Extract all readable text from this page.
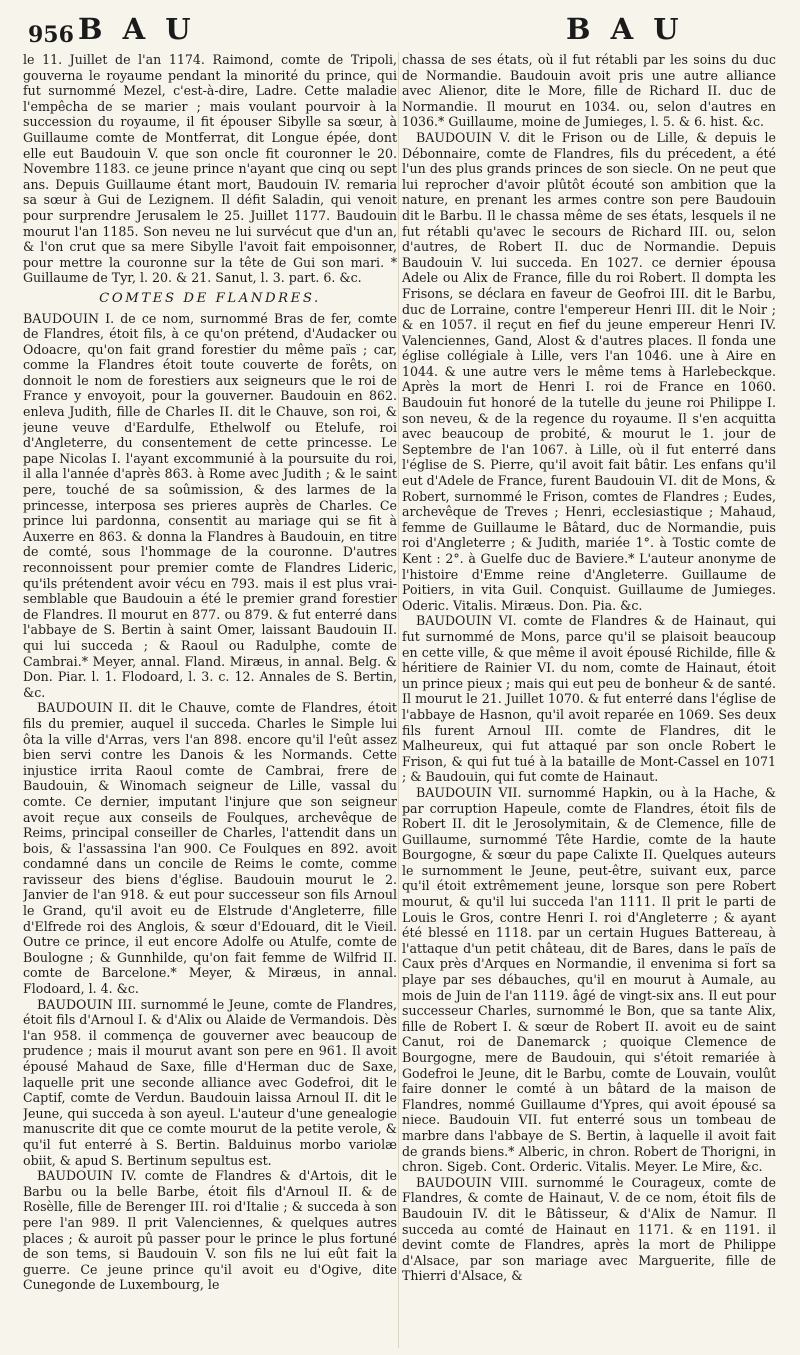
956 B A U	B A U

le 11. Juillet de l'an 1174. Raimond, comte de Tripoli, gouverna le royaume pendant la minorité du prince, qui fut surnommé Mezel, c'est-à-dire, Ladre. Cette maladie l'empêcha de se marier ; mais voulant pourvoir à la succession du royaume, il fit épouser Sibylle sa sœur, à Guillaume comte de Montferrat, dit Longue épée, dont elle eut Baudouin V. que son oncle fit couronner le 20. Novembre 1183. ce jeune prince n'ayant que cinq ou sept ans. Depuis Guillaume étant mort, Baudouin IV. remaria sa sœur à Gui de Lezignem. Il défit Saladin, qui venoit pour surprendre Jerusalem le 25. Juillet 1177. Baudouin mourut l'an 1185. Son neveu ne lui survécut que d'un an, & l'on crut que sa mere Sibylle l'avoit fait empoisonner, pour mettre la couronne sur la tête de Gui son mari. * Guillaume de Tyr, l. 20. & 21. Sanut, l. 3. part. 6. &c.

COMTES DE FLANDRES.

BAUDOUIN I. de ce nom, surnommé Bras de fer, comte de Flandres, étoit fils, à ce qu'on prétend, d'Audacker ou Odoacre, qu'on fait grand forestier du même païs ; car, comme la Flandres étoit toute couverte de forêts, on donnoit le nom de forestiers aux seigneurs que le roi de France y envoyoit, pour la gouverner. Baudouin en 862. enleva Judith, fille de Charles II. dit le Chauve, son roi, & jeune veuve d'Eardulfe, Ethelwolf ou Etelufe, roi d'Angleterre, du consentement de cette princesse. Le pape Nicolas I. l'ayant excommunié à la poursuite du roi, il alla l'année d'après 863. à Rome avec Judith ; & le saint pere, touché de sa soûmission, & des larmes de la princesse, interposa ses prieres auprès de Charles. Ce prince lui pardonna, consentit au mariage qui se fit à Auxerre en 863. & donna la Flandres à Baudouin, en titre de comté, sous l'hommage de la couronne. D'autres reconnoissent pour premier comte de Flandres Lideric, qu'ils prétendent avoir vécu en 793. mais il est plus vrai-semblable que Baudouin a été le premier grand forestier de Flandres. Il mourut en 877. ou 879. & fut enterré dans l'abbaye de S. Bertin à saint Omer, laissant Baudouin II. qui lui succeda ; & Raoul ou Radulphe, comte de Cambrai.* Meyer, annal. Fland. Miræus, in annal. Belg. & Don. Piar. l. 1. Flodoard, l. 3. c. 12. Annales de S. Bertin, &c.

BAUDOUIN II. dit le Chauve, comte de Flandres, étoit fils du premier, auquel il succeda. Charles le Simple lui ôta la ville d'Arras, vers l'an 898. encore qu'il l'eût assez bien servi contre les Danois & les Normands. Cette injustice irrita Raoul comte de Cambrai, frere de Baudouin, & Winomach seigneur de Lille, vassal du comte. Ce dernier, imputant l'injure que son seigneur avoit reçue aux conseils de Foulques, archevêque de Reims, principal conseiller de Charles, l'attendit dans un bois, & l'assassina l'an 900. Ce Foulques en 892. avoit condamné dans un concile de Reims le comte, comme ravisseur des biens d'église. Baudouin mourut le 2. Janvier de l'an 918. & eut pour successeur son fils Arnoul le Grand, qu'il avoit eu de Elstrude d'Angleterre, fille d'Elfrede roi des Anglois, & sœur d'Edouard, dit le Vieil. Outre ce prince, il eut encore Adolfe ou Atulfe, comte de Boulogne ; & Gunnhilde, qu'on fait femme de Wilfrid II. comte de Barcelone.* Meyer, & Miræus, in annal. Flodoard, l. 4. &c.

BAUDOUIN III. surnommé le Jeune, comte de Flandres, étoit fils d'Arnoul I. & d'Alix ou Alaide de Vermandois. Dès l'an 958. il commença de gouverner avec beaucoup de prudence ; mais il mourut avant son pere en 961. Il avoit épousé Mahaud de Saxe, fille d'Herman duc de Saxe, laquelle prit une seconde alliance avec Godefroi, dit le Captif, comte de Verdun. Baudouin laissa Arnoul II. dit le Jeune, qui succeda à son ayeul. L'auteur d'une genealogie manuscrite dit que ce comte mourut de la petite verole, & qu'il fut enterré à S. Bertin. Balduinus morbo variolæ obiit, & apud S. Bertinum sepultus est.

BAUDOUIN IV. comte de Flandres & d'Artois, dit le Barbu ou la belle Barbe, étoit fils d'Arnoul II. & de Rosèlle, fille de Berenger III. roi d'Italie ; & succeda à son pere l'an 989. Il prit Valenciennes, & quelques autres places ; & auroit pû passer pour le prince le plus fortuné de son tems, si Baudouin V. son fils ne lui eût fait la guerre. Ce jeune prince qu'il avoit eu d'Ogive, dite Cunegonde de Luxembourg, le

chassa de ses états, où il fut rétabli par les soins du duc de Normandie. Baudouin avoit pris une autre alliance avec Alienor, dite le More, fille de Richard II. duc de Normandie. Il mourut en 1034. ou, selon d'autres en 1036.* Guillaume, moine de Jumieges, l. 5. & 6. hist. &c.

BAUDOUIN V. dit le Frison ou de Lille, & depuis le Débonnaire, comte de Flandres, fils du précedent, a été l'un des plus grands princes de son siecle. On ne peut que lui reprocher d'avoir plûtôt écouté son ambition que la nature, en prenant les armes contre son pere Baudouin dit le Barbu. Il le chassa même de ses états, lesquels il ne fut rétabli qu'avec le secours de Richard III. ou, selon d'autres, de Robert II. duc de Normandie. Depuis Baudouin V. lui succeda. En 1027. ce dernier épousa Adele ou Alix de France, fille du roi Robert. Il dompta les Frisons, se déclara en faveur de Geofroi III. dit le Barbu, duc de Lorraine, contre l'empereur Henri III. dit le Noir ; & en 1057. il reçut en fief du jeune empereur Henri IV. Valenciennes, Gand, Alost & d'autres places. Il fonda une église collégiale à Lille, vers l'an 1046. une à Aire en 1044. & une autre vers le même tems à Harlebeckque. Après la mort de Henri I. roi de France en 1060. Baudouin fut honoré de la tutelle du jeune roi Philippe I. son neveu, & de la regence du royaume. Il s'en acquitta avec beaucoup de probité, & mourut le 1. jour de Septembre de l'an 1067. à Lille, où il fut enterré dans l'église de S. Pierre, qu'il avoit fait bâtir. Les enfans qu'il eut d'Adele de France, furent Baudouin VI. dit de Mons, & Robert, surnommé le Frison, comtes de Flandres ; Eudes, archevêque de Treves ; Henri, ecclesiastique ; Mahaud, femme de Guillaume le Bâtard, duc de Normandie, puis roi d'Angleterre ; & Judith, mariée 1°. à Tostic comte de Kent : 2°. à Guelfe duc de Baviere.* L'auteur anonyme de l'histoire d'Emme reine d'Angleterre. Guillaume de Poitiers, in vita Guil. Conquist. Guillaume de Jumieges. Oderic. Vitalis. Miræus. Don. Pia. &c.

BAUDOUIN VI. comte de Flandres & de Hainaut, qui fut surnommé de Mons, parce qu'il se plaisoit beaucoup en cette ville, & que même il avoit épousé Richilde, fille & héritiere de Rainier VI. du nom, comte de Hainaut, étoit un prince pieux ; mais qui eut peu de bonheur & de santé. Il mourut le 21. Juillet 1070. & fut enterré dans l'église de l'abbaye de Hasnon, qu'il avoit reparée en 1069. Ses deux fils furent Arnoul III. comte de Flandres, dit le Malheureux, qui fut attaqué par son oncle Robert le Frison, & qui fut tué à la bataille de Mont-Cassel en 1071 ; & Baudouin, qui fut comte de Hainaut.

BAUDOUIN VII. surnommé Hapkin, ou à la Hache, & par corruption Hapeule, comte de Flandres, étoit fils de Robert II. dit le Jerosolymitain, & de Clemence, fille de Guillaume, surnommé Tête Hardie, comte de la haute Bourgogne, & sœur du pape Calixte II. Quelques auteurs le surnomment le Jeune, peut-être, suivant eux, parce qu'il étoit extrêmement jeune, lorsque son pere Robert mourut, & qu'il lui succeda l'an 1111. Il prit le parti de Louis le Gros, contre Henri I. roi d'Angleterre ; & ayant été blessé en 1118. par un certain Hugues Battereau, à l'attaque d'un petit château, dit de Bares, dans le païs de Caux près d'Arques en Normandie, il envenima si fort sa playe par ses débauches, qu'il en mourut à Aumale, au mois de Juin de l'an 1119. âgé de vingt-six ans. Il eut pour successeur Charles, surnommé le Bon, que sa tante Alix, fille de Robert I. & sœur de Robert II. avoit eu de saint Canut, roi de Danemarck ; quoique Clemence de Bourgogne, mere de Baudouin, qui s'étoit remariée à Godefroi le Jeune, dit le Barbu, comte de Louvain, voulût faire donner le comté à un bâtard de la maison de Flandres, nommé Guillaume d'Ypres, qui avoit épousé sa niece. Baudouin VII. fut enterré sous un tombeau de marbre dans l'abbaye de S. Bertin, à laquelle il avoit fait de grands biens.* Alberic, in chron. Robert de Thorigni, in chron. Sigeb. Cont. Orderic. Vitalis. Meyer. Le Mire, &c.

BAUDOUIN VIII. surnommé le Courageux, comte de Flandres, & comte de Hainaut, V. de ce nom, étoit fils de Baudouin IV. dit le Bâtisseur, & d'Alix de Namur. Il succeda au comté de Hainaut en 1171. & en 1191. il devint comte de Flandres, après la mort de Philippe d'Alsace, par son mariage avec Marguerite, fille de Thierri d'Alsace, &
